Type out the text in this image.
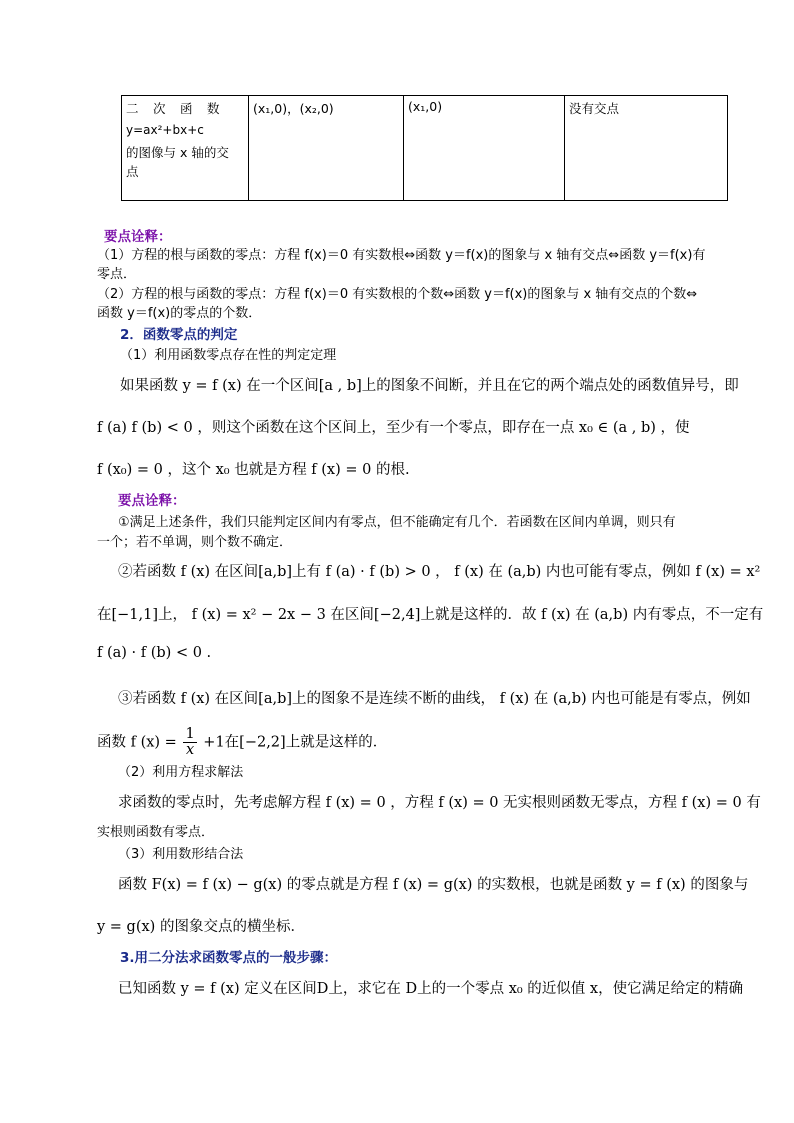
二　次　函　数
y=ax²+bx+c
的图像与 x 轴的交
点
	(x₁,0)，(x₂,0)	(x₁,0)	没有交点
要点诠释：
（1）方程的根与函数的零点：方程 f(x)＝0 有实数根⇔函数 y＝f(x)的图象与 x 轴有交点⇔函数 y＝f(x)有
零点．
（2）方程的根与函数的零点：方程 f(x)＝0 有实数根的个数⇔函数 y＝f(x)的图象与 x 轴有交点的个数⇔
函数 y＝f(x)的零点的个数．
2．函数零点的判定
（1）利用函数零点存在性的判定定理
如果函数 y = f (x) 在一个区间[a , b]上的图象不间断，并且在它的两个端点处的函数值异号，即
f (a) f (b) < 0 ，则这个函数在这个区间上，至少有一个零点，即存在一点 x₀ ∈ (a , b) ，使
f (x₀) = 0 ，这个 x₀ 也就是方程 f (x) = 0 的根.
要点诠释：
①满足上述条件，我们只能判定区间内有零点，但不能确定有几个．若函数在区间内单调，则只有
一个；若不单调，则个数不确定．
②若函数 f (x) 在区间[a,b]上有 f (a) · f (b) > 0 ， f (x) 在 (a,b) 内也可能有零点，例如 f (x) = x²
在[−1,1]上， f (x) = x² − 2x − 3 在区间[−2,4]上就是这样的．故 f (x) 在 (a,b) 内有零点，不一定有
f (a) · f (b) < 0 .
③若函数 f (x) 在区间[a,b]上的图象不是连续不断的曲线， f (x) 在 (a,b) 内也可能是有零点，例如
函数 f $(x) = \frac{1}{x} +1$在[−2,2]上就是这样的．
（2）利用方程求解法
求函数的零点时，先考虑解方程 f (x) = 0 ，方程 f (x) = 0 无实根则函数无零点，方程 f (x) = 0 有
实根则函数有零点．
（3）利用数形结合法
函数 F(x) = f (x) − g(x) 的零点就是方程 f (x) = g(x) 的实数根，也就是函数 y = f (x) 的图象与
y = g(x) 的图象交点的横坐标．
3.用二分法求函数零点的一般步骤：
已知函数 y = f (x) 定义在区间D上，求它在 D上的一个零点 x₀ 的近似值 x，使它满足给定的精确
